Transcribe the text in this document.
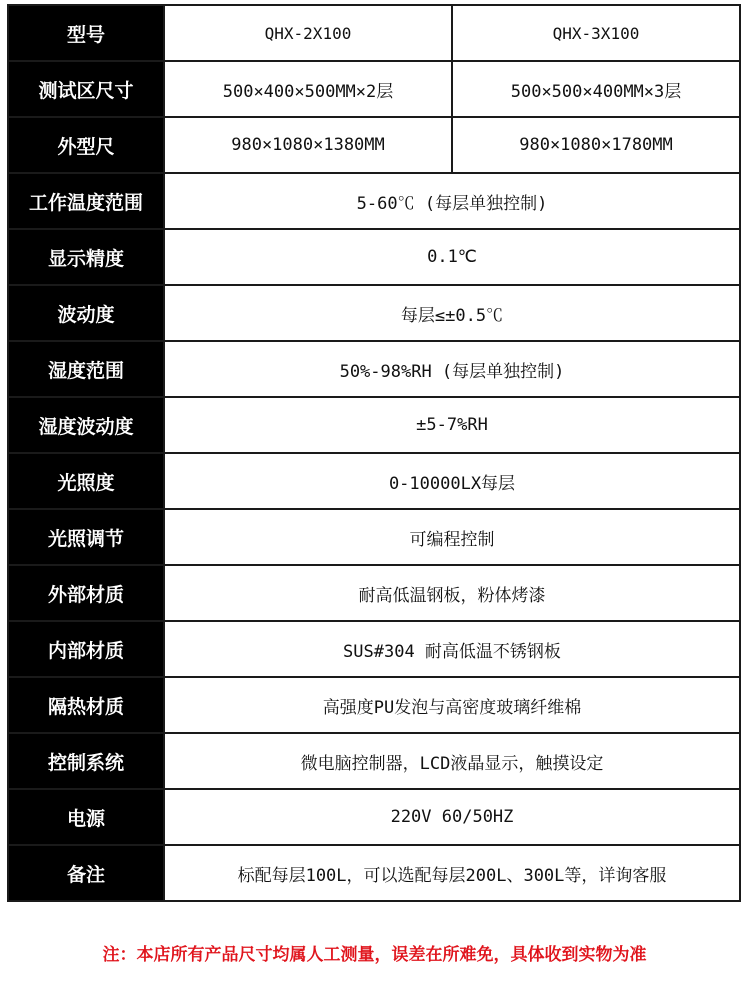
型号	QHX-2X100	QHX-3X100
测试区尺寸	500×400×500MM×2层	500×500×400MM×3层
外型尺	980×1080×1380MM	980×1080×1780MM
工作温度范围	5-60℃ (每层单独控制)	
显示精度	0.1℃	
波动度	每层≤±0.5℃	
湿度范围	50%-98%RH (每层单独控制)	
湿度波动度	±5-7%RH	
光照度	0-10000LX每层	
光照调节	可编程控制	
外部材质	耐高低温钢板，粉体烤漆	
内部材质	SUS#304 耐高低温不锈钢板	
隔热材质	高强度PU发泡与高密度玻璃纤维棉	
控制系统	微电脑控制器，LCD液晶显示，触摸设定	
电源	220V 60/50HZ	
备注	标配每层100L，可以选配每层200L、300L等，详询客服	
注：本店所有产品尺寸均属人工测量，误差在所难免，具体收到实物为准
